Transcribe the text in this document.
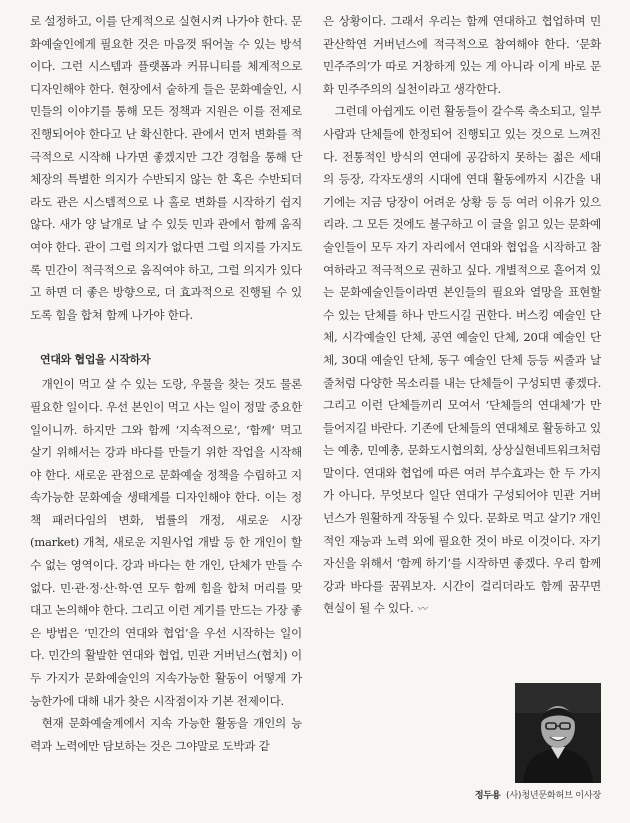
로 설정하고, 이를 단계적으로 실현시켜 나가야 한다. 문화예술인에게 필요한 것은 마음껏 뛰어놀 수 있는 방석이다. 그런 시스템과 플랫폼과 커뮤니티를 체계적으로 디자인해야 한다. 현장에서 숱하게 들은 문화예술인, 시민들의 이야기를 통해 모든 정책과 지원은 이를 전제로 진행되어야 한다고 난 확신한다. 관에서 먼저 변화를 적극적으로 시작해 나가면 좋겠지만 그간 경험을 통해 단체장의 특별한 의지가 수반되지 않는 한 혹은 수반되더라도 관은 시스템적으로 나 홀로 변화를 시작하기 쉽지 않다. 새가 양 날개로 날 수 있듯 민과 관에서 함께 움직여야 한다. 관이 그럴 의지가 없다면 그럴 의지를 가지도록 민간이 적극적으로 움직여야 하고, 그럴 의지가 있다고 하면 더 좋은 방향으로, 더 효과적으로 진행될 수 있도록 힘을 합쳐 함께 나가야 한다.

연대와 협업을 시작하자

개인이 먹고 살 수 있는 도랑, 우물을 찾는 것도 물론 필요한 일이다. 우선 본인이 먹고 사는 일이 정말 중요한 일이니까. 하지만 그와 함께 ‘지속적으로’, ‘함께’ 먹고 살기 위해서는 강과 바다를 만들기 위한 작업을 시작해야 한다. 새로운 관점으로 문화예술 정책을 수립하고 지속가능한 문화예술 생태계를 디자인해야 한다. 이는 정책 패러다임의 변화, 법률의 개정, 새로운 시장(market) 개척, 새로운 지원사업 개발 등 한 개인이 할 수 없는 영역이다. 강과 바다는 한 개인, 단체가 만들 수 없다. 민·관·정·산·학·연 모두 함께 힘을 합쳐 머리를 맞대고 논의해야 한다. 그리고 이런 계기를 만드는 가장 좋은 방법은 ‘민간의 연대와 협업’을 우선 시작하는 일이다. 민간의 활발한 연대와 협업, 민관 거버넌스(협치) 이 두 가지가 문화예술인의 지속가능한 활동이 어떻게 가능한가에 대해 내가 찾은 시작점이자 기본 전제이다.

현재 문화예술계에서 지속 가능한 활동을 개인의 능력과 노력에만 담보하는 것은 그야말로 도박과 같

은 상황이다. 그래서 우리는 함께 연대하고 협업하며 민관산학연 거버넌스에 적극적으로 참여해야 한다. ‘문화 민주주의’가 따로 거창하게 있는 게 아니라 이게 바로 문화 민주주의의 실천이라고 생각한다.

그런데 아쉽게도 이런 활동들이 갈수록 축소되고, 일부 사람과 단체들에 한정되어 진행되고 있는 것으로 느껴진다. 전통적인 방식의 연대에 공감하지 못하는 젊은 세대의 등장, 각자도생의 시대에 연대 활동에까지 시간을 내기에는 지금 당장이 어려운 상황 등 등 여러 이유가 있으리라. 그 모든 것에도 불구하고 이 글을 읽고 있는 문화예술인들이 모두 자기 자리에서 연대와 협업을 시작하고 참여하라고 적극적으로 권하고 싶다. 개별적으로 흩어져 있는 문화예술인들이라면 본인들의 필요와 열망을 표현할 수 있는 단체를 하나 만드시길 권한다. 버스킹 예술인 단체, 시각예술인 단체, 공연 예술인 단체, 20대 예술인 단체, 30대 예술인 단체, 동구 예술인 단체 등등 씨줄과 날줄처럼 다양한 목소리를 내는 단체들이 구성되면 좋겠다. 그리고 이런 단체들끼리 모여서 ‘단체들의 연대체’가 만들어지길 바란다. 기존에 단체들의 연대체로 활동하고 있는 예총, 민예총, 문화도시협의회, 상상실현네트워크처럼 말이다. 연대와 협업에 따른 여러 부수효과는 한 두 가지가 아니다. 무엇보다 일단 연대가 구성되어야 민관 거버넌스가 원활하게 작동될 수 있다. 문화로 먹고 살기? 개인적인 재능과 노력 외에 필요한 것이 바로 이것이다. 자기 자신을 위해서 ‘함께 하기’를 시작하면 좋겠다. 우리 함께 강과 바다를 꿈꿔보자. 시간이 걸리더라도 함께 꿈꾸면 현실이 될 수 있다. 〰

정두용 (사)청년문화허브 이사장
